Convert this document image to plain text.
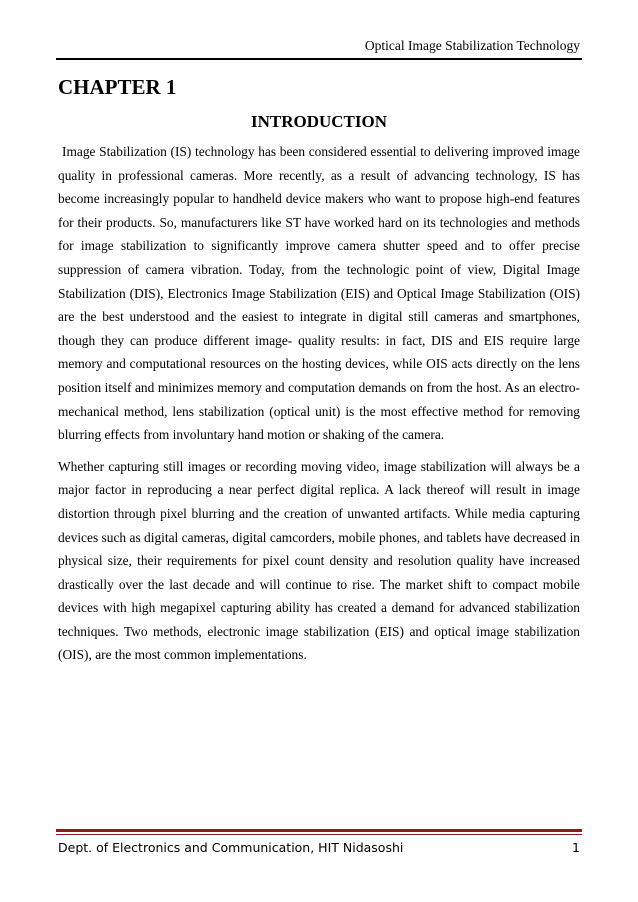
Optical Image Stabilization Technology
CHAPTER 1
INTRODUCTION

Image Stabilization (IS) technology has been considered essential to delivering improved image quality in professional cameras. More recently, as a result of advancing technology, IS has become increasingly popular to handheld device makers who want to propose high-end features for their products. So, manufacturers like ST have worked hard on its technologies and methods for image stabilization to significantly improve camera shutter speed and to offer precise suppression of camera vibration. Today, from the technologic point of view, Digital Image Stabilization (DIS), Electronics Image Stabilization (EIS) and Optical Image Stabilization (OIS) are the best understood and the easiest to integrate in digital still cameras and smartphones, though they can produce different image- quality results: in fact, DIS and EIS require large memory and computational resources on the hosting devices, while OIS acts directly on the lens position itself and minimizes memory and computation demands on from the host. As an electro-mechanical method, lens stabilization (optical unit) is the most effective method for removing blurring effects from involuntary hand motion or shaking of the camera.

Whether capturing still images or recording moving video, image stabilization will always be a major factor in reproducing a near perfect digital replica. A lack thereof will result in image distortion through pixel blurring and the creation of unwanted artifacts. While media capturing devices such as digital cameras, digital camcorders, mobile phones, and tablets have decreased in physical size, their requirements for pixel count density and resolution quality have increased drastically over the last decade and will continue to rise. The market shift to compact mobile devices with high megapixel capturing ability has created a demand for advanced stabilization techniques. Two methods, electronic image stabilization (EIS) and optical image stabilization (OIS), are the most common implementations.

Dept. of Electronics and Communication, HIT Nidasoshi	1
